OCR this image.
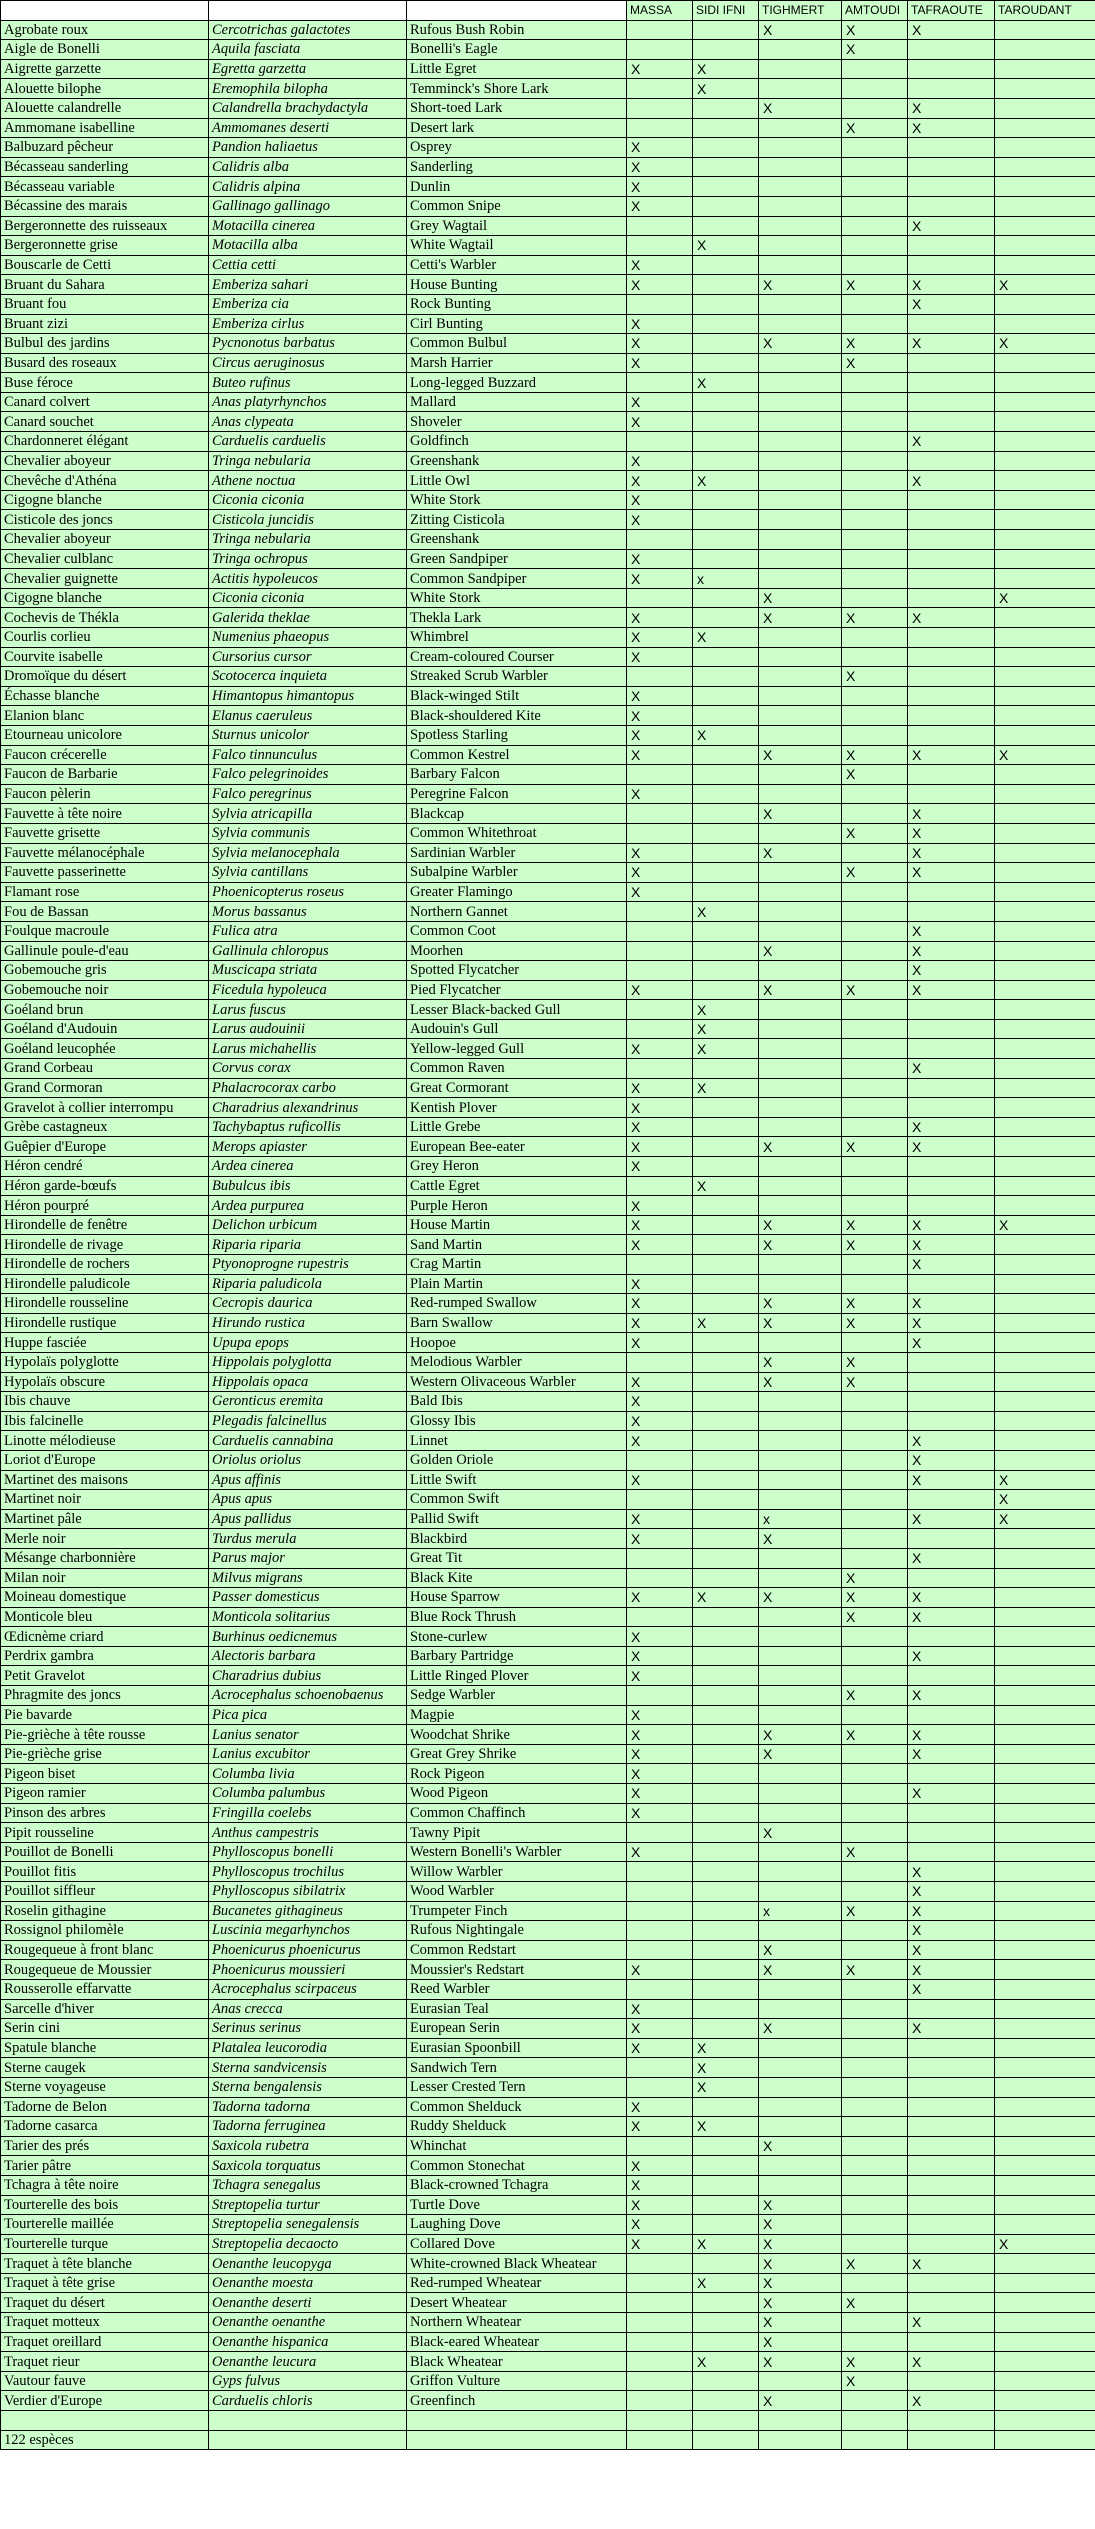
			MASSA	SIDI IFNI	TIGHMERT	AMTOUDI	TAFRAOUTE	TAROUDANT
Agrobate roux	Cercotrichas galactotes	Rufous Bush Robin			X	X	X	
Aigle de Bonelli	Aquila fasciata	Bonelli's Eagle				X		
Aigrette garzette	Egretta garzetta	Little Egret	X	X				
Alouette bilophe	Eremophila bilopha	Temminck's Shore Lark		X				
Alouette calandrelle	Calandrella brachydactyla	Short-toed Lark			X		X	
Ammomane isabelline	Ammomanes deserti	Desert lark				X	X	
Balbuzard pêcheur	Pandion haliaetus	Osprey	X					
Bécasseau sanderling	Calidris alba	Sanderling	X					
Bécasseau variable	Calidris alpina	Dunlin	X					
Bécassine des marais	Gallinago gallinago	Common Snipe	X					
Bergeronnette des ruisseaux	Motacilla cinerea	Grey Wagtail					X	
Bergeronnette grise	Motacilla alba	White Wagtail		X				
Bouscarle de Cetti	Cettia cetti	Cetti's Warbler	X					
Bruant du Sahara	Emberiza sahari	House Bunting	X		X	X	X	X
Bruant fou	Emberiza cia	Rock Bunting					X	
Bruant zizi	Emberiza cirlus	Cirl Bunting	X					
Bulbul des jardins	Pycnonotus barbatus	Common Bulbul	X		X	X	X	X
Busard des roseaux	Circus aeruginosus	Marsh Harrier	X			X		
Buse féroce	Buteo rufinus	Long-legged Buzzard		X				
Canard colvert	Anas platyrhynchos	Mallard	X					
Canard souchet	Anas clypeata	Shoveler	X					
Chardonneret élégant	Carduelis carduelis	Goldfinch					X	
Chevalier aboyeur	Tringa nebularia	Greenshank	X					
Chevêche d'Athéna	Athene noctua	Little Owl	X	X			X	
Cigogne blanche	Ciconia ciconia	White Stork	X					
Cisticole des joncs	Cisticola juncidis	Zitting Cisticola	X					
Chevalier aboyeur	Tringa nebularia	Greenshank						
Chevalier culblanc	Tringa ochropus	Green Sandpiper	X					
Chevalier guignette	Actitis hypoleucos	Common Sandpiper	X	x				
Cigogne blanche	Ciconia ciconia	White Stork			X			X
Cochevis de Thékla	Galerida theklae	Thekla Lark	X		X	X	X	
Courlis corlieu	Numenius phaeopus	Whimbrel	X	X				
Courvite isabelle	Cursorius cursor	Cream-coloured Courser	X					
Dromoïque du désert	Scotocerca inquieta	Streaked Scrub Warbler				X		
Échasse blanche	Himantopus himantopus	Black-winged Stilt	X					
Elanion blanc	Elanus caeruleus	Black-shouldered Kite	X					
Etourneau unicolore	Sturnus unicolor	Spotless Starling	X	X				
Faucon crécerelle	Falco tinnunculus	Common Kestrel	X		X	X	X	X
Faucon de Barbarie	Falco pelegrinoides	Barbary Falcon				X		
Faucon pèlerin	Falco peregrinus	Peregrine Falcon	X					
Fauvette à tête noire	Sylvia atricapilla	Blackcap			X		X	
Fauvette grisette	Sylvia communis	Common Whitethroat				X	X	
Fauvette mélanocéphale	Sylvia melanocephala	Sardinian Warbler	X		X		X	
Fauvette passerinette	Sylvia cantillans	Subalpine Warbler	X			X	X	
Flamant rose	Phoenicopterus roseus	Greater Flamingo	X					
Fou de Bassan	Morus bassanus	Northern Gannet		X				
Foulque macroule	Fulica atra	Common Coot					X	
Gallinule poule-d'eau	Gallinula chloropus	Moorhen			X		X	
Gobemouche gris	Muscicapa striata	Spotted Flycatcher					X	
Gobemouche noir	Ficedula hypoleuca	Pied Flycatcher	X		X	X	X	
Goéland brun	Larus fuscus	Lesser Black-backed Gull		X				
Goéland d'Audouin	Larus audouinii	Audouin's Gull		X				
Goéland leucophée	Larus michahellis	Yellow-legged Gull	X	X				
Grand Corbeau	Corvus corax	Common Raven					X	
Grand Cormoran	Phalacrocorax carbo	Great Cormorant	X	X				
Gravelot à collier interrompu	Charadrius alexandrinus	Kentish Plover	X					
Grèbe castagneux	Tachybaptus ruficollis	Little Grebe	X				X	
Guêpier d'Europe	Merops apiaster	European Bee-eater	X		X	X	X	
Héron cendré	Ardea cinerea	Grey Heron	X					
Héron garde-bœufs	Bubulcus ibis	Cattle Egret		X				
Héron pourpré	Ardea purpurea	Purple Heron	X					
Hirondelle de fenêtre	Delichon urbicum	House Martin	X		X	X	X	X
Hirondelle de rivage	Riparia riparia	Sand Martin	X		X	X	X	
Hirondelle de rochers	Ptyonoprogne rupestris	Crag Martin					X	
Hirondelle paludicole	Riparia paludicola	Plain Martin	X					
Hirondelle rousseline	Cecropis daurica	Red-rumped Swallow	X		X	X	X	
Hirondelle rustique	Hirundo rustica	Barn Swallow	X	X	X	X	X	
Huppe fasciée	Upupa epops	Hoopoe	X				X	
Hypolaïs polyglotte	Hippolais polyglotta	Melodious Warbler			X	X		
Hypolaïs obscure	Hippolais opaca	Western Olivaceous Warbler	X		X	X		
Ibis chauve	Geronticus eremita	Bald Ibis	X					
Ibis falcinelle	Plegadis falcinellus	Glossy Ibis	X					
Linotte mélodieuse	Carduelis cannabina	Linnet	X				X	
Loriot d'Europe	Oriolus oriolus	Golden Oriole					X	
Martinet des maisons	Apus affinis	Little Swift	X				X	X
Martinet noir	Apus apus	Common Swift						X
Martinet pâle	Apus pallidus	Pallid Swift	X		x		X	X
Merle noir	Turdus merula	Blackbird	X		X			
Mésange charbonnière	Parus major	Great Tit					X	
Milan noir	Milvus migrans	Black Kite				X		
Moineau domestique	Passer domesticus	House Sparrow	X	X	X	X	X	
Monticole bleu	Monticola solitarius	Blue Rock Thrush				X	X	
Œdicnème criard	Burhinus oedicnemus	Stone-curlew	X					
Perdrix gambra	Alectoris barbara	Barbary Partridge	X				X	
Petit Gravelot	Charadrius dubius	Little Ringed Plover	X					
Phragmite des joncs	Acrocephalus schoenobaenus	Sedge Warbler				X	X	
Pie bavarde	Pica pica	Magpie	X					
Pie-grièche à tête rousse	Lanius senator	Woodchat Shrike	X		X	X	X	
Pie-grièche grise	Lanius excubitor	Great Grey Shrike	X		X		X	
Pigeon biset	Columba livia	Rock Pigeon	X					
Pigeon ramier	Columba palumbus	Wood Pigeon	X				X	
Pinson des arbres	Fringilla coelebs	Common Chaffinch	X					
Pipit rousseline	Anthus campestris	Tawny Pipit			X			
Pouillot de Bonelli	Phylloscopus bonelli	Western Bonelli's Warbler	X			X		
Pouillot fitis	Phylloscopus trochilus	Willow Warbler					X	
Pouillot siffleur	Phylloscopus sibilatrix	Wood Warbler					X	
Roselin githagine	Bucanetes githagineus	Trumpeter Finch			x	X	X	
Rossignol philomèle	Luscinia megarhynchos	Rufous Nightingale					X	
Rougequeue à front blanc	Phoenicurus phoenicurus	Common Redstart			X		X	
Rougequeue de Moussier	Phoenicurus moussieri	Moussier's Redstart	X		X	X	X	
Rousserolle effarvatte	Acrocephalus scirpaceus	Reed Warbler					X	
Sarcelle d'hiver	Anas crecca	Eurasian Teal	X					
Serin cini	Serinus serinus	European Serin	X		X		X	
Spatule blanche	Platalea leucorodia	Eurasian Spoonbill	X	X				
Sterne caugek	Sterna sandvicensis	Sandwich Tern		X				
Sterne voyageuse	Sterna bengalensis	Lesser Crested Tern		X				
Tadorne de Belon	Tadorna tadorna	Common Shelduck	X					
Tadorne casarca	Tadorna ferruginea	Ruddy Shelduck	X	X				
Tarier des prés	Saxicola rubetra	Whinchat			X			
Tarier pâtre	Saxicola torquatus	Common Stonechat	X					
Tchagra à tête noire	Tchagra senegalus	Black-crowned Tchagra	X					
Tourterelle des bois	Streptopelia turtur	Turtle Dove	X		X			
Tourterelle maillée	Streptopelia senegalensis	Laughing Dove	X		X			
Tourterelle turque	Streptopelia decaocto	Collared Dove	X	X	X			X
Traquet à tête blanche	Oenanthe leucopyga	White-crowned Black Wheatear			X	X	X	
Traquet à tête grise	Oenanthe moesta	Red-rumped Wheatear		X	X			
Traquet du désert	Oenanthe deserti	Desert Wheatear			X	X		
Traquet motteux	Oenanthe oenanthe	Northern Wheatear			X		X	
Traquet oreillard	Oenanthe hispanica	Black-eared Wheatear			X			
Traquet rieur	Oenanthe leucura	Black Wheatear		X	X	X	X	
Vautour fauve	Gyps fulvus	Griffon Vulture				X		
Verdier d'Europe	Carduelis chloris	Greenfinch			X		X	

122 espèces								
